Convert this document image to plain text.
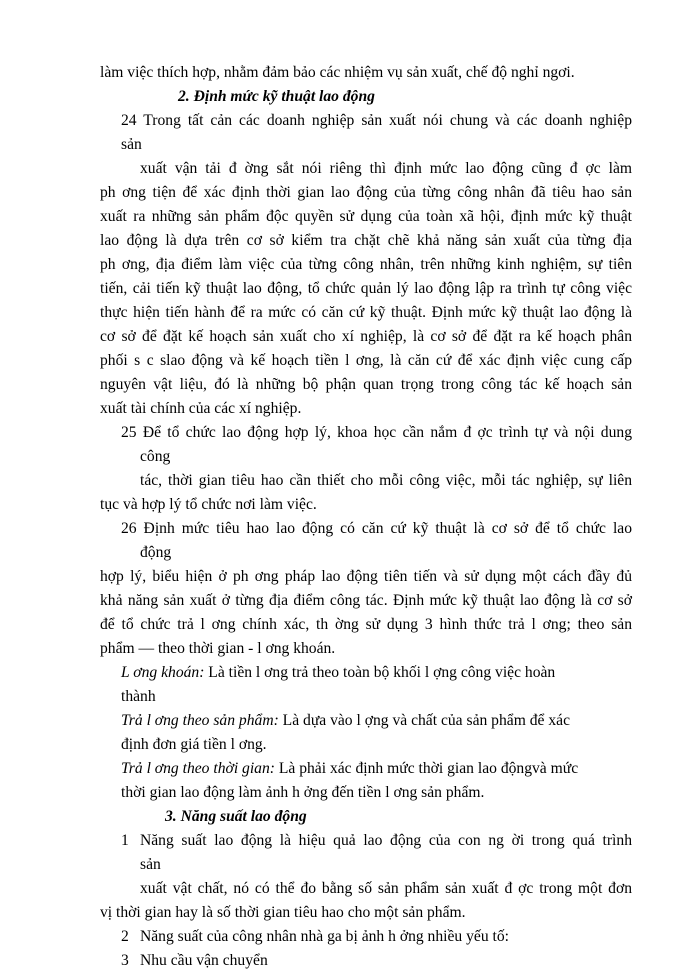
làm việc thích hợp, nhằm đảm bảo các nhiệm vụ sản xuất, chế độ nghỉ ngơi.
2. Định mức kỹ thuật lao động
24 Trong tất cản các doanh nghiệp sản xuất nói chung và các doanh nghiệp
sản
xuất vận tải đ ờng sắt nói riêng thì định mức lao động cũng đ ợc làm
ph ơng tiện để xác định thời gian lao động của từng công nhân đã tiêu hao sản
xuất ra những sản phẩm độc quyền sử dụng của toàn xã hội, định mức kỹ thuật
lao động là dựa trên cơ sở kiểm tra chặt chẽ khả năng sản xuất của từng địa
ph ơng, địa điểm làm việc của từng công nhân, trên những kinh nghiệm, sự tiên
tiến, cải tiến kỹ thuật lao động, tổ chức quản lý lao động lập ra trình tự công việc
thực hiện tiến hành để ra mức có căn cứ kỹ thuật. Định mức kỹ thuật lao động là
cơ sở để đặt kế hoạch sản xuất cho xí nghiệp, là cơ sở để đặt ra kế hoạch phân
phối s c slao động và kế hoạch tiền l ơng, là căn cứ để xác định việc cung cấp
nguyên vật liệu, đó là những bộ phận quan trọng trong công tác kế hoạch sản
xuất tài chính của các xí nghiệp.
25 Để tổ chức lao động hợp lý, khoa học cần nắm đ ợc trình tự và nội dung
công
tác, thời gian tiêu hao cần thiết cho mỗi công việc, mỗi tác nghiệp, sự liên
tục và hợp lý tổ chức nơi làm việc.
26 Định mức tiêu hao lao động có căn cứ kỹ thuật là cơ sở để tổ chức lao
động
hợp lý, biểu hiện ở ph ơng pháp lao động tiên tiến và sử dụng một cách đầy đủ
khả năng sản xuất ở từng địa điểm công tác. Định mức kỹ thuật lao động là cơ sở
để tổ chức trả l ơng chính xác, th ờng sử dụng 3 hình thức trả l ơng; theo sản
phẩm — theo thời gian - l ơng khoán.
L ơng khoán: Là tiền l ơng trả theo toàn bộ khối l ợng công việc hoàn
thành
Trả l ơng theo sản phẩm: Là dựa vào l ợng và chất của sản phẩm để xác
định đơn giá tiền l ơng.
Trả l ơng theo thời gian: Là phải xác định mức thời gian lao độngvà mức
thời gian lao động làm ảnh h ởng đến tiền l ơng sản phẩm.
3. Năng suất lao động
1 Năng suất lao động là hiệu quả lao động của con ng ời trong quá trình
sản
xuất vật chất, nó có thể đo bằng số sản phẩm sản xuất đ ợc trong một đơn
vị thời gian hay là số thời gian tiêu hao cho một sản phẩm.
2 Năng suất của công nhân nhà ga bị ảnh h ởng nhiều yếu tố:
3 Nhu cầu vận chuyển
